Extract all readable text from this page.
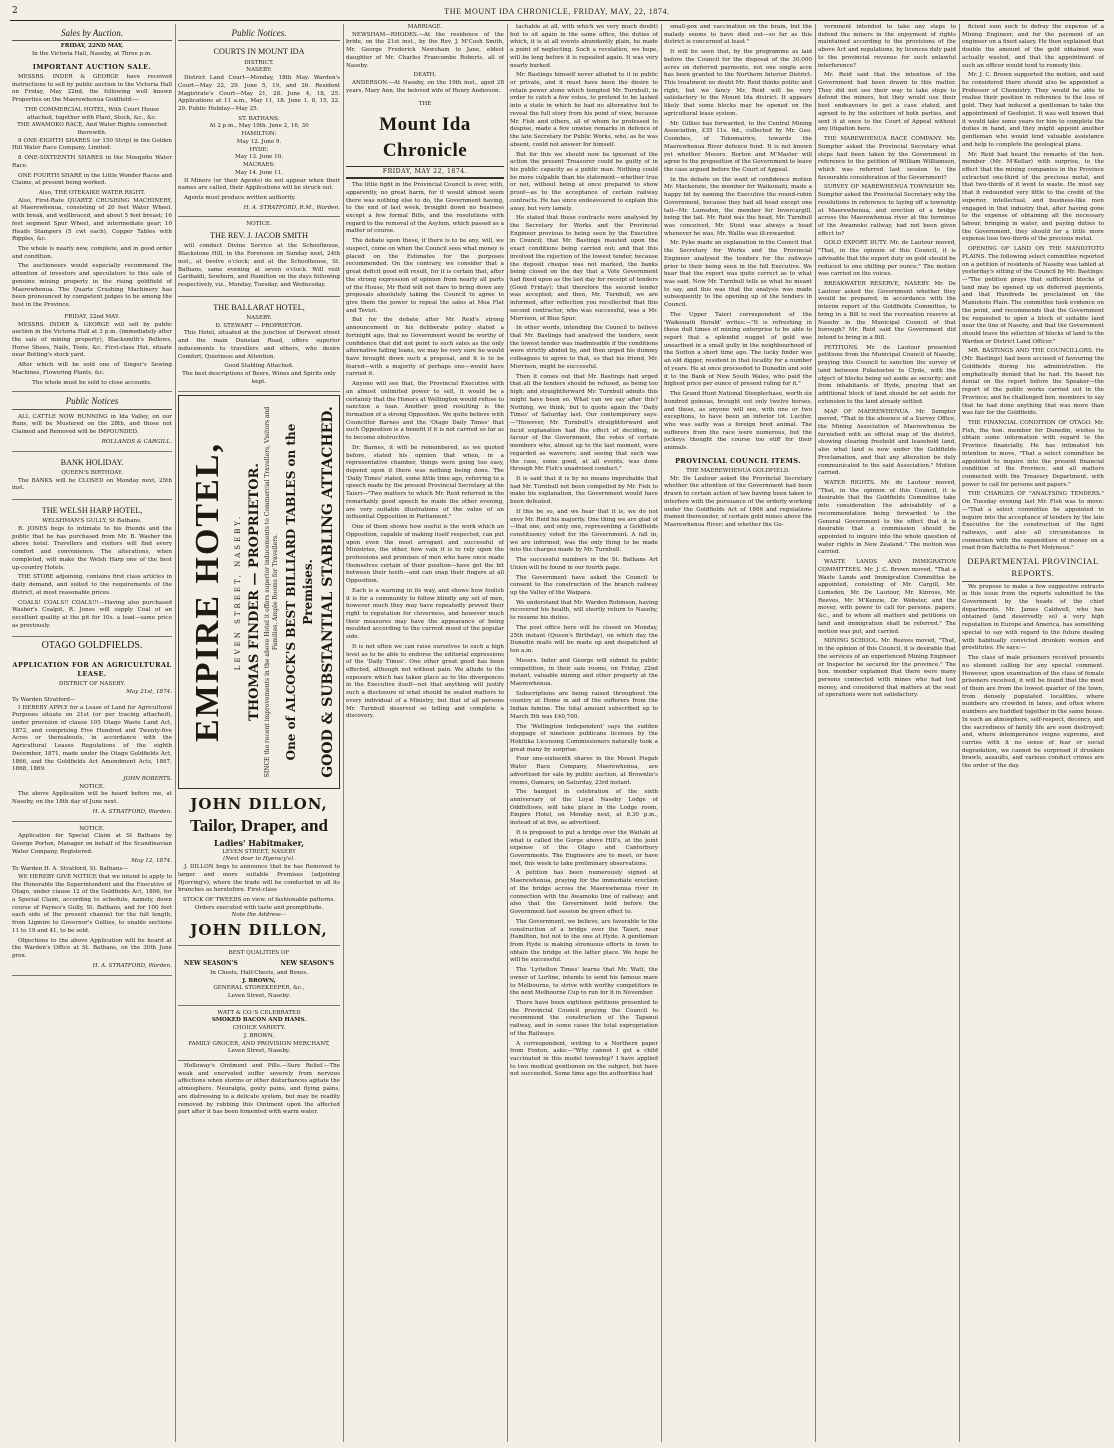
2	THE MOUNT IDA CHRONICLE, FRIDAY, MAY, 22, 1874.
Sales by Auction.
FRIDAY, 22ND MAY,
In the Victoria Hall, Naseby, at Three p.m.
IMPORTANT AUCTION SALE.

MESSRS. INDER & GEORGE have received instructions to sell by public auction in the Victoria Hall on Friday, May 22nd, the following well known Properties on the Maerewhenua Goldfield:—

THE COMMERCIAL HOTEL, With Court House attached, together with Plant, Stock, &c., &c.
THE AWAMOKO RACE, And Water Rights connected therewith.

9 ONE-EIGHTH SHARES (or 150 Strip) in the Golden Hill Water Race Company, Limited.

8 ONE-SIXTEENTH SHARES in the Mosquito Water Race.

ONE FOURTH SHARE in the Little Wonder Races and Claims, at present being worked.

Also, THE OTEKAIKE WATER RIGHT.

Also, First-Rate QUARTZ CRUSHING MACHINERY, at Maerewhenua, consisting of 20 feet Water Wheel, with break, and wellbraced, and about 5 feet breast; 16 feet segment Spur Wheel, and intermediate gear; 10 Heads Stampers (5 cwt each), Copper Tables with Ripples, &c.

The whole is nearly new, complete, and in good order and condition.

The auctioneers would especially recommend the attention of investors and speculators to this sale of genuine mining property in the rising goldfield of Maerewhenua. The Quartz Crushing Machinery has been pronounced by competent judges to be among the best in the Province.

FRIDAY, 22nd MAY.

MESSRS. INDER & GEORGE will sell by public auction in the Victoria Hall at 3 p.m. (immediately after the sale of mining property), Blacksmith's Bellows, Horse Shoes, Nails, Tools, &c. First-class Hut, situate near Botting's stock yard.

After which will be sold one of Singer's Sewing Machines, Flowering Plants, &c.

The whole must be sold to close accounts.
Public Notices

ALL CATTLE NOW RUNNING in Ida Valley, on our Runs, will be Mustered on the 28th, and those not Claimed and Removed will be IMPOUNDED.

ROLLANDS & CARGILL.
BANK HOLIDAY.
QUEEN'S BIRTHDAY.

The BANKS will be CLOSED on Monday next, 25th inst.

THE WELSH HARP HOTEL,
WELSHMAN'S GULLY, St Bathans.

R. JONES begs to intimate to his friends and the public that he has purchased from Mr. B. Wasber the above hotel. Travellers and visitors will find every comfort and convenience. The alterations, when completed, will make the Welsh Harp one of the best up-country Hotels.

THE STORE adjoining, contains first class articles in daily demand, and suited to the requirements of the district, at most reasonable prices.

COALS! COALS!! COALS!!!—Having also purchased Wasber's Coalpit, R. Jones will supply Coal of an excellent quality at the pit for 10s. a load—same price as previously.

OTAGO GOLDFIELDS.
APPLICATION FOR AN AGRICULTURAL LEASE.
DISTRICT OF NASEBY.
May 21st, 1874.
To Warden Stratford—

I HEREBY APPLY for a Lease of Land for Agricultural Purposes situate on 21st (or per tracing attached), under provision of clause 105 Otago Waste Land Act, 1872, and comprising Five Hundred and Twenty-five Acres or thereabouts, in accordance with the Agricultural Leases Regulations of the eighth December, 1871, made under the Otago Goldfields Act, 1866, and the Goldfields Act Amendment Acts, 1867, 1868, 1869.

JOHN ROBERTS.
NOTICE.

The above Application will be heard before me, at Naseby, on the 18th day of June next.

H. A. STRATFORD, Warden.
NOTICE.

Application for Special Claim at St Bathans by George Porton, Manager on behalf of the Scandinavian Water Company, Registered.

May 12, 1874.
To Warden H. A. Stratford, St. Bathans—

WE HEREBY GIVE NOTICE that we intend to apply to the Honorable the Superintendent and the Executive of Otago, under clause 12 of the Goldfields Act, 1866, for a Special Claim, according to schedule, namely, down course of Paynes's Gully, St. Bathans, and for 100 feet each side of the present channel for the full length, from Ligmire to Governor's Gullies, to enable sections 11 to 19 and 41, to be sold.

Objections to the above Application will be heard at the Warden's Office at St. Bathans, on the 30th June prox.

H. A. STRATFORD, Warden.
Public Notices.
COURTS IN MOUNT IDA
DISTRICT.
NASEBY:

District Land Court—Monday, 18th May. Warden's Court—May 22, 29. June 5, 19, and 26. Resident Magistrate's Court—May 21, 28. June 4, 18, 25. Applications at 11 a.m., May 11, 18. June 1, 8, 15, 22, 29. Public Holiday—May 25.

ST. BATHANS:
At 2 p.m., May 19th. June 2, 16, 30
HAMILTON:
May 12. June 9.
HYDE:
May 13. June 10.
MACRAES:
May 14. June 11.

If Miners (or their Agents) do not appear when their names are called, their Applications will be struck out.

Agents must produce written authority.

H. A. STRATFORD, R.M., Warden.
NOTICE.
THE REV. J. JACOB SMITH

will conduct Divine Service at the Schoolhouse, Blackstone Hill, in the Forenoon on Sunday next, 24th inst., at twelve o'clock; and at the Schoolhouse, St. Bathans, same evening at seven o'clock. Will visit Garibaldi, Sowburn, and Hamilton on the days following respectively, viz., Monday, Tuesday, and Wednesday.

THE BALLARAT HOTEL,
NASEBY.
D. STEWART — PROPRIETOR.

This Hotel, situated at the junction of Derwent street and the main Dunstan Road, offers superior inducements to travellers and others, who desire Comfort, Quietness and Attention.

Good Stabling Attached.
The best descriptions of Beers, Wines and Spirits only kept.
EMPIRE HOTEL,	LEVEN STREET, NASEBY. THOMAS FINDER — PROPRIETOR. SINCE the recent improvements in the above Hotel it offers superior inducements to Commercial Travellers, Visitors and Families. Ample Rooms for Travellers. One of ALCOCK'S BEST BILLIARD TABLES on the Premises. GOOD & SUBSTANTIAL STABLING ATTACHED.
JOHN DILLON,
Tailor, Draper, and
Ladies' Habitmaker,
LEVEN STREET, NASEBY
(Next door to Hyeracy's).

J. DILLON begs to announce that he has Removed to larger and more suitable Premises (adjoining Hjorring's), where the trade will be conducted in all its branches as heretofore. First-class

STOCK OF TWEEDS on view, of fashionable patterns. Orders executed with taste and promptitude.
Note the Address—
JOHN DILLON,
BEST QUALITIES OF
NEW SEASON'S	NEW SEASON'S
In Chests, Half-Chests, and Boxes.
J. BROWN,
GENERAL STOREKEEPER, &c.,
Leven Street, Naseby.
WATT & CO.'S CELEBRATED
SMOKED BACON AND HAMS.
CHOICE VARIETY.
J. BROWN,
FAMILY GROCER, AND PROVISION MERCHANT,
Leven Street, Naseby.

Holloway's Ointment and Pills.—Sure Relief.—The weak and enervated suffer severely from nervous affections when storms or other disturbances agitate the atmosphere. Neuralgia, gouty pains, and flying pains, are distressing to a delicate system, but may be readily removed by rubbing this Ointment upon the affected part after it has been fomented with warm water.

MARRIAGE.

NEWSHAM—RHODES.—At the residence of the bride, on the 21st inst., by the Rev. J. M'Cosh Smith, Mr. George Frederick Newsham to Jane, eldest daughter of Mr. Charles Francombe Roberts, all of Naseby.

DEATH.

ANDERSON.—At Naseby, on the 19th inst., aged 28 years, Mary Ann, the beloved wife of Henry Anderson.

THE
Mount Ida Chronicle
FRIDAY, MAY 22, 1874.

The little fight in the Provincial Council is over, with, apparently, no great harm, for it would almost seem there was nothing else to do, the Government having, to the end of last week, brought down no business except a few formal Bills, and the resolutions with regard to the removal of the Asylum, which passed as a matter of course.

The debate upon these, if there is to be any, will, we suspect, come on when the Council sees what money is placed on the Estimates for the purposes recommended. On the contrary, we consider that a great deficit good will result, for it is certain that, after the strong expression of opinion from nearly all parts of the House, Mr Reid will not dare to bring down any proposals absolutely taking the Council to agree to give them the power to repeal the sales at Moa Flat and Teviot.

But for the debate after Mr. Reid's strong announcement in his deliberate policy stated a fortnight ago, that no Government would be worthy of confidence that did not point to such sales as the only alternative failing loans, we may be very sure he would have brought down such a proposal, and it is to be feared—with a majority of perhaps one—would have carried it.

Anyone will see that, the Provincial Executive with an almost unlimited power to sell, it would be a certainty that the Honors at Wellington would refuse to sanction a loan. Another good resulting is the formation of a strong Opposition. We quite believe with Councillor Barnes and the 'Otago Daily Times' that such Opposition is a benefit if it is not carried so far as to become obstructive.

Dr. Barnes, it will be remembered, as we quoted before, stated his opinion that when, in a representative chamber, things were going too easy, depend upon it there was nothing being done. The 'Daily Times' stated, some little time ago, referring to a speech made by the present Provincial Secretary at the Taieri—"Two matters to which Mr. Reid referred in the remarkably good speech he made the other evening, are very suitable illustrations of the value of an influential Opposition in Parliament."

One of them shows how useful is the work which an Opposition, capable of making itself respected, can put upon even the most arrogant and successful of Ministries, the other, how vain it is to rely upon the professions and promises of men who have once made themselves certain of their position—have got the bit between their teeth—and can snap their fingers at all Opposition.

Each is a warning in its way, and shows how foolish it is for a community to follow blindly any set of men, however much they may have repeatedly proved their right to reputation for cleverness, and however much their measures may have the appearance of being moulded according to the current mood of the popular side.

It is not often we can raise ourselves to such a high level as to be able to endorse the editorial expressions of the 'Daily Times'. One other great good has been effected, although not without pain. We allude to the exposure which has taken place as to the divergences in the Executive itself—not that anything will justify such a disclosure of what should be sealed matters to every individual of a Ministry, but that of all persons Mr. Turnbull deserved so telling and complete a discovery.

tachable at all, with which we very much doubt) but to sit again in the same office, the duties of which, it is at all events abundantly plain, he made a point of neglecting. Such a revelation, we hope, will be long before it is repeated again. It was very nearly burked.

Mr. Bastings himself never alluded to it in public or private, and it must have been the desire to retain power alone which tempted Mr. Turnbull, in order to catch a few votes, to pretend to be lashed into a state in which he had no alternative but to reveal the full story from his point of view, because Mr. Fish and others, all of whom he professed to despise, made a few unwise remarks in defence of the late Secretary for Public Works, who, as he was absent, could not answer for himself.

But for this we should now be ignorant of the action the present Treasurer could be guilty of in his public capacity as a public man. Nothing could be more culpable than his statement—whether true or not, without being at once prepared to show proof—as to the acceptance of certain railway contracts. He has since endeavoured to explain this away, but very lamely.

He stated that these contracts were analysed by the Secretary for Works and the Provincial Engineer previous to being seen by the Executive in Council; that Mr. Bastings insisted upon the exact conditions being carried out; and that this involved the rejection of the lowest tender, because the deposit cheque was not marked, the banks being closed on the day that a Vote Government had fixed upon as the last day for receipt of tenders (Good Friday); that therefore the second tender was accepted; and then, Mr. Turnbull, we are informed, after reflection you recollected that this second contractor, who was successful, was a Mr. Morrison, of Blue Spur.

In other words, intending the Council to believe that Mr. Bastings had analysed the tenders, seen the lowest tender was inadmissible if the conditions were strictly abided by, and then urged his dummy colleagues to agree to that, so that his friend, Mr. Morrison, might be successful.

Then it comes out that Mr. Bastings had urged that all the tenders should be refused, as being too high; and straightforward Mr. Turnbull admits this might have been so. What can we say after this? Nothing, we think, but to quote again the 'Daily Times' of Saturday last. Our contemporary says:—"However, Mr. Turnbull's straightforward and lucid explanation had the effect of deciding, in favour of the Government, the votes of certain members who, almost up to the last moment, were regarded as waverers; and seeing that such was the case, some good, at all events, was done through Mr. Fish's unadvised conduct."

It is said that it is by no means improbable that had Mr. Turnbull not been compelled by Mr. Fish to make his explanation, the Government would have been defeated.

If this be so, and we hear that it is, we do not envy Mr. Reid his majority. One thing we are glad of—that one, and only one, representing a Goldfields constituency voted for the Government. A fall in, we are informed, was the only thing to be made into the charges made by Mr. Turnbull.

The successful numbers in the St. Bathans Art Union will be found in our fourth page.

The Government have asked the Council to consent to the construction of the branch railway up the Valley of the Waipara.

We understand that Mr. Warden Robinson, having recovered his health, will shortly return to Naseby, to resume his duties.

The post office here will be closed on Monday, 25th instant (Queen's Birthday), on which day the Dunedin mails will be made up and despatched at ten a.m.

Messrs. Inder and George will submit to public competition, in their sale rooms, on Friday, 22nd instant, valuable mining and other property at the Maerewhenua.

Subscriptions are being raised throughout the country at Home in aid of the sufferers from the Indian famine. The total amount subscribed up to March 5th was £40,700.

The 'Wellington Independent' says the sudden stoppage of nineteen publicans licenses by the Hokitika Licensing Commissioners naturally took a great many by surprise.

Four one-sixteenth shares in the Mount Pisgah Water Race Company, Maerewhenua, are advertised for sale by public auction, at Brownlie's rooms, Oamaru, on Saturday, 23rd instant.

The banquet in celebration of the sixth anniversary of the Loyal Naseby Lodge of Oddfellows, will take place in the Lodge room, Empire Hotel, on Monday next, at 8.30 p.m., instead of at five, as advertised.

It is proposed to put a bridge over the Waitaki at what is called the Gorge above Hill's, at the joint expense of the Otago and Canterbury Governments. The Engineers are to meet, or have met, this week to take preliminary observations.

A petition has been numerously signed at Maerewhenua, praying for the immediate erection of the bridge across the Maerewhenua river in connection with the Awamoko line of railway; and also that the Government hold before the Government last session be given effect to.

The Government, we believe, are favorable to the construction of a bridge over the Taieri, near Hamilton, but not to the one at Hyde. A gentleman from Hyde is making strenuous efforts in town to obtain the bridge at the latter place. We hope he will be successful.

The 'Lyttelton Times' learns that Mr. Watt, the owner of Lurline, intends to send his famous mare to Melbourne, to strive with worthy competitors in the next Melbourne Cup to run for it in November.

There have been eighteen petitions presented to the Provincial Council praying the Council to recommend the construction of the Tapanui railway, and in some cases the total expropriation of the Railways.

A correspondent, writing to a Northern paper from Foxton, asks:—"Why cannot I get a child vaccinated in this model township? I have applied to two medical gentlemen on the subject, but have not succeeded. Some time ago the authorities had

small-pox and vaccination on the brain, but the malady seems to have died out—so far as this district is concerned at least."

It will be seen that, by the programme as laid before the Council for the disposal of the 30,000 acres on deferred payments, not one single acre has been granted to the Northern Interior District. This treatment no doubt Mr. Reid thinks politic and right, but we fancy Mr. Reid will be very satisfactory to the Mount Ida district. It appears likely that some blocks may be opened on the agricultural lease system.

Mr. Gillies has forwarded, to the Central Mining Association, £35 11s. 6d., collected by Mr. Geo. Coombes, of Tokomairiro, towards the Maerewhenua River defence fund. It is not known yet whether Messrs. Borton and M'Master will agree to the proposition of the Government to leave the case argued before the Court of Appeal.

In the debate on the want of confidence motion Mr. Mackenzie, the member for Waikouaiti, made a happy hit by naming the Executive the round-robin Government, because they had all head except one tail—Mr. Lumsden, the member for Invercargill, being the tail. Mr. Reid was the head, Mr. Turnbull was conceived, Mr. Stout was always a head whenever he was, Mr. Wallis was ill-rewarded.

Mr. Pyke made an explanation in the Council that the Secretary for Works and the Provincial Engineer analysed the tenders for the railways prior to their being seen in the full Executive. We hear that the report was quite correct as to what was said. Now Mr. Turnbull tells us what he meant to say, and this was that the analysis was made subsequently to the opening up of the tenders in Council.

The Upper Taieri correspondent of the 'Waikouaiti Herald' writes:—"It is refreshing in these dull times of mining enterprise to be able to report that a splendid nugget of gold was unearthed in a small gully in the neighbourhood of the Sutton a short time ago. The lucky finder was an old digger, resident in that locality for a number of years. He at once proceeded to Dunedin and sold it to the Bank of New South Wales, who paid the highest price per ounce of present ruling for it."

The Grand Hunt National Steeplechase, worth six hundred guineas, brought out only twelve horses, and these, as anyone will see, with one or two exceptions, to have been an inferior lot. Lucifer, who was sadly was a foreign bred animal. The sufferers from the race were numerous, but the jockeys thought the course too stiff for their animals.

PROVINCIAL COUNCIL ITEMS.
THE MAEREWHENUA GOLDFIELD.

Mr. De Lautour asked the Provincial Secretary whether the attention of the Government had been drawn to certain action of law having been taken to interfere with the pursuance of the orderly working under the Goldfields Act of 1866 and regulations framed thereunder, of certain gold mines above the Maerewhenua River; and whether the Go-

vernment intended to take any steps to defend the miners in the enjoyment of rights maintained according to the provisions of the above Act and regulations, by licences duly paid to the provincial revenue for such unlawful interference?

Mr. Reid said that the intention of the Government had been drawn to this matter. They did not see their way to take steps to defend the miners, but they would use their best endeavours to get a case stated, and agreed to by the solicitors of both parties, and sent it at once to the Court of Appeal without any litigation here.

THE MAREWHENUA RACE COMPANY. Mr. Sumpter asked the Provincial Secretary what steps had been taken by the Government in reference to the petition of William Williamson, which was referred last session to the favourable consideration of the Government?

SURVEY OF MAREWHENUA TOWNSHIP. Mr. Sumpter asked the Provincial Secretary why the resolutions in reference to laying off a township at Maerewhenua, and erection of a bridge across the Maerewhenua river at the terminus of the Awamoko railway, had not been given effect to?

GOLD EXPORT DUTY. Mr. de Lautour moved, "That, in the opinion of this Council, it is advisable that the export duty on gold should be reduced to one shilling per ounce." The motion was carried on the voices.

BREAKWATER RESERVE, NASEBY. Mr. De Lautour asked the Government whether they would be prepared, in accordance with the interim report of the Goldfields Committee, to bring in a Bill to vest the recreation reserve at Naseby in the Municipal Council of that borough? Mr. Reid said the Government did intend to bring in a Bill.

PETITIONS. Mr. de Lautour presented petitions from the Municipal Council of Naseby, praying this Council to sanction the survey of land between Puketoetoe to Clyde, with the object of blocks being set aside as security; and from inhabitants of Hyde, praying that an additional block of land should be set aside for extension to the land already settled.

MAP OF MAEREWHENUA. Mr. Sumpter moved, "That in the absence of a Survey Office, the Mining Association of Maerewhenua be furnished with an official map of the district, showing clearing freehold and leasehold land, also what land is now under the Goldfields Proclamation, and that any alteration be duly communicated to the said Association." Motion carried.

WATER RIGHTS. Mr. de Lautour moved, "That, in the opinion of this Council, it is desirable that the Goldfields Committee take into consideration the advisability of a recommendation being forwarded to the General Government to the effect that it is desirable that a commission should be appointed to inquire into the whole question of water rights in New Zealand." The motion was carried.

WASTE LANDS AND IMMIGRATION COMMITTEES. Mr. J. C. Brown moved, "That a Waste Lands and Immigration Committee be appointed, consisting of Mr. Cargill, Mr. Lumsden, Mr. De Lautour, Mr. Kinross, Mr. Reeves, Mr. M'Kenzie, Dr. Webster, and the mover, with power to call for persons, papers, &c., and to whom all matters and petitions on land and immigration shall be referred." The motion was put, and carried.

MINING SCHOOL. Mr. Reeves moved, "That, in the opinion of this Council, it is desirable that the services of an experienced Mining Engineer or Inspector be secured for the province." The hon. member explained that there were many persons connected with mines who had lost money, and considered that matters at the seat of operations were not satisfactory.

ficient sum such to defray the expense of a Mining Engineer, and for the payment of an engineer on a fixed salary. He then explained that double the amount of the gold obtained was actually wasted, and that the appointment of such an officer would tend to remedy this.

Mr. J. C. Brown supported the motion, and said he considered there should also be appointed a Professor of Chemistry. They would be able to realise their position in reference to the loss of gold. They had induced a gentleman to take the appointment of Geologist. It was well known that it would take some years for him to complete the duties in hand, and they might appoint another gentleman who would lend valuable assistance and help to complete the geological plans.

Mr. Reid had heard the remarks of the hon. member (Mr. M'Kellar) with surprise, to the effect that the mining companies in the Province extracted one-third of the precious metal, and that two-thirds of it went to waste. He must say that it redounded very little to the credit of the superior, intellectual, and business-like men engaged in that industry that, after having gone to the expense of obtaining all the necessary labour, bringing in water, and paying duties to the Government, they should for a little more expense lose two-thirds of the precious metal.

OPENING OF LAND ON THE MANIOTOTO PLAINS. The following select committee reported on a petition of residents of Naseby was tabled at yesterday's sitting of the Council by Mr. Bastings:—"The petition prays that sufficient blocks of land may be opened up on deferred payments, and that Hundreds be proclaimed on the Maniototo Plain. The committee took evidence on the point, and recommends that the Government be requested to open a block of suitable land near the line of Naseby, and that the Government should leave the selection of blocks of land to the Warden or District Land Officer."

MR. BASTINGS AND THE COUNCILLORS. He (Mr. Bastings) had been accused of favouring the Goldfields during his administration. He emphatically denied that he had. He based his denial on the report before the Speaker—the report of the public works carried out in the Province; and he challenged hon. members to say that he had done anything that was more than was fair for the Goldfields.

THE FINANCIAL CONDITION OF OTAGO. Mr. Fish, the hon. member for Dunedin, wishes to obtain some information with regard to the Province financially. He has intimated his intention to move, "That a select committee be appointed to inquire into the present financial condition of the Province, and all matters connected with the Treasury Department, with power to call for persons and papers."

THE CHARGES OF "ANALYSING TENDERS." On Tuesday evening last Mr. Fish was to move:—"That a select committee be appointed to inquire into the acceptance of tenders by the late Executive for the construction of the light railways, and also all circumstances in connection with the expenditure of money on a road from Balclutha to Port Molyneux."

DEPARTMENTAL PROVINCIAL REPORTS.

We propose to make a few suggestive extracts in this issue from the reports submitted to the Government by the heads of the chief departments. Mr. James Caldwell, who has obtained (and deservedly so) a very high reputation in Europe and America, has something special to say with regard to the future dealing with habitually convicted drunken women and prostitutes. He says:—

The class of male prisoners received presents no element calling for any special comment. However, upon examination of the class of female prisoners received, it will be found that the most of them are from the lowest quarter of the town, from densely populated localities, where numbers are crowded in lanes, and often where numbers are huddled together in the same house. In such an atmosphere, self-respect, decency, and the sacredness of family life are soon destroyed; and, where intemperance reigns supreme, and carries with it no sense of fear or social degradation, we cannot be surprised if drunken brawls, assaults, and various conduct crimes are the order of the day.
